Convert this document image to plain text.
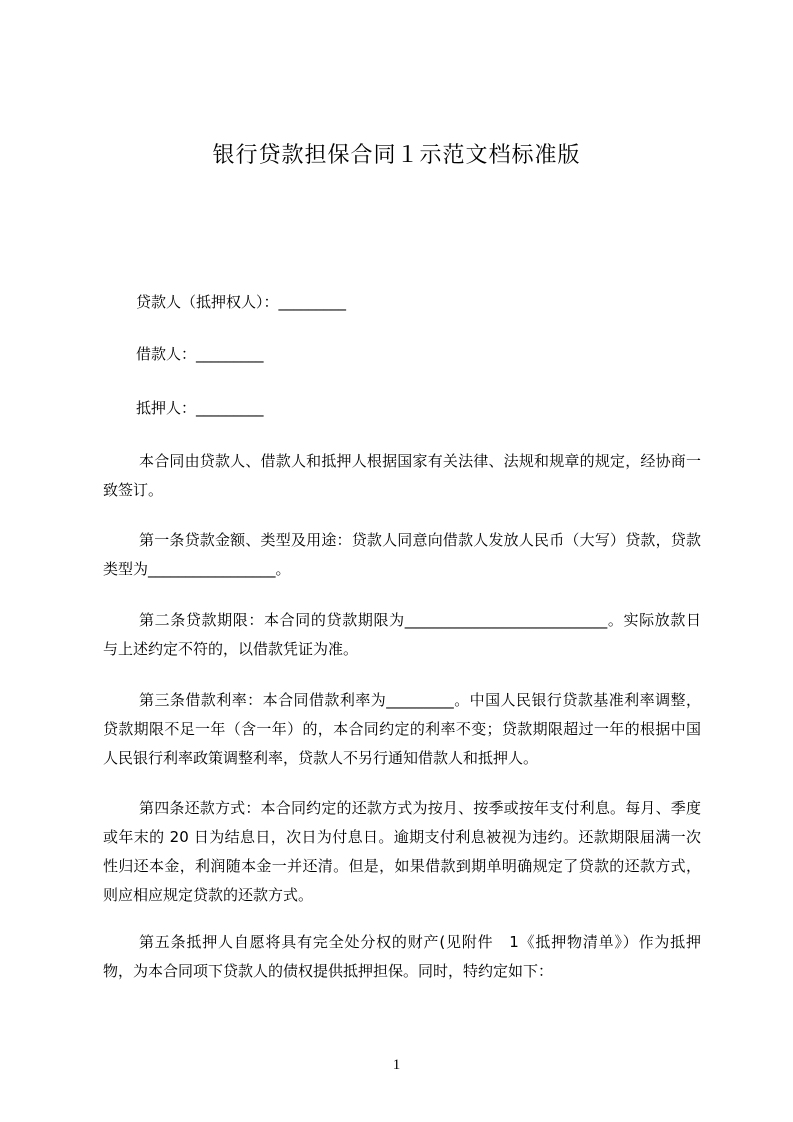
银行贷款担保合同１示范文档标准版
贷款人（抵押权人）：_________
借款人：_________
抵押人：_________
本合同由贷款人、借款人和抵押人根据国家有关法律、法规和规章的规定，经协商一致签订。
第一条贷款金额、类型及用途：贷款人同意向借款人发放人民币（大写）贷款，贷款类型为_________________。
第二条贷款期限：本合同的贷款期限为___________________________。实际放款日与上述约定不符的，以借款凭证为准。
第三条借款利率：本合同借款利率为_________。中国人民银行贷款基准利率调整，贷款期限不足一年（含一年）的，本合同约定的利率不变；贷款期限超过一年的根据中国人民银行利率政策调整利率，贷款人不另行通知借款人和抵押人。
第四条还款方式：本合同约定的还款方式为按月、按季或按年支付利息。每月、季度或年末的 20 日为结息日，次日为付息日。逾期支付利息被视为违约。还款期限届满一次性归还本金，利润随本金一并还清。但是，如果借款到期单明确规定了贷款的还款方式，则应相应规定贷款的还款方式。
第五条抵押人自愿将具有完全处分权的财产(见附件　1《抵押物清单》）作为抵押物，为本合同项下贷款人的债权提供抵押担保。同时，特约定如下：
1
